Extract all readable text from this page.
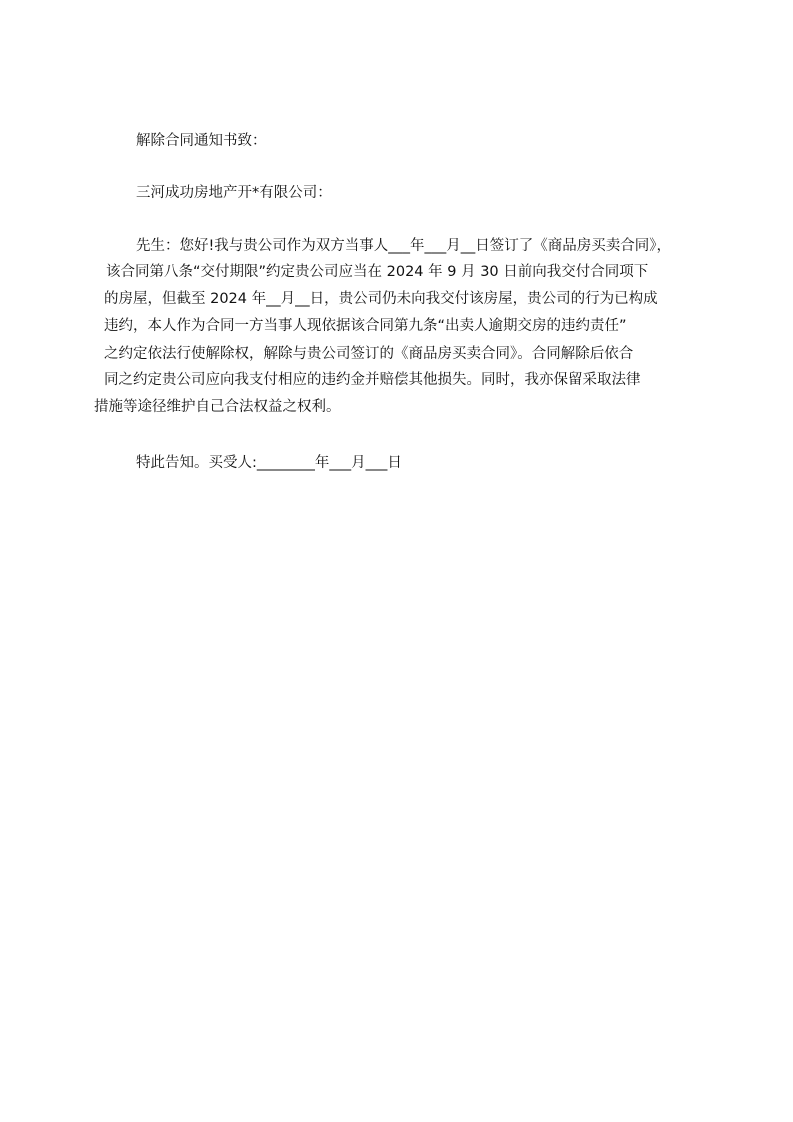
解除合同通知书致：
三河成功房地产开*有限公司：
先生：您好!我与贵公司作为双方当事人___年___月__日签订了《商品房买卖合同》，
该合同第八条“交付期限”约定贵公司应当在 2024 年 9 月 30 日前向我交付合同项下
的房屋，但截至 2024 年__月__日，贵公司仍未向我交付该房屋，贵公司的行为已构成
违约，本人作为合同一方当事人现依据该合同第九条“出卖人逾期交房的违约责任”
之约定依法行使解除权，解除与贵公司签订的《商品房买卖合同》。合同解除后依合
同之约定贵公司应向我支付相应的违约金并赔偿其他损失。同时，我亦保留采取法律
措施等途径维护自己合法权益之权利。
特此告知。买受人:________年___月___日
